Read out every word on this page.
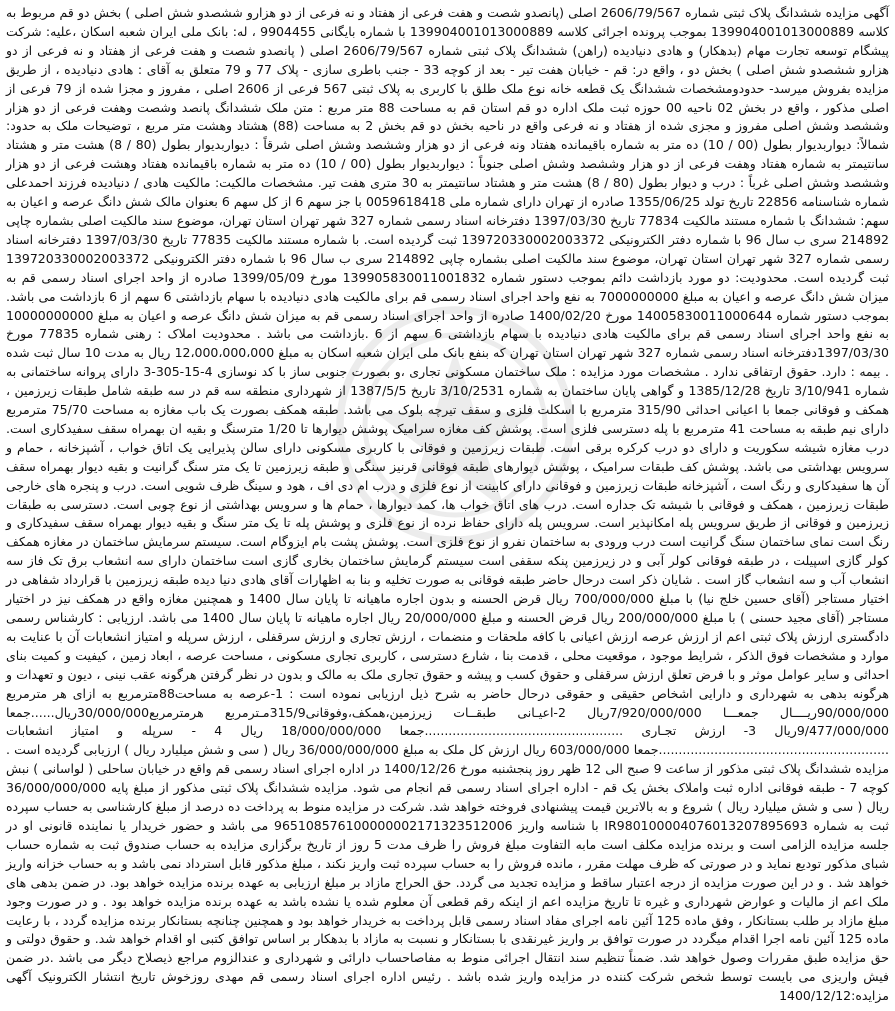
آگهی مزایده ششدانگ پلاک ثبتی شماره 2606/79/567 اصلی (پانصدو شصت و هفت فرعی از هفتاد و نه فرعی از دو هزارو ششصدو شش اصلی ) بخش دو قم مربوط به کلاسه 139904001013000889 بموجب پرونده اجرائی کلاسه 139904001013000889 با شماره بایگانی 9904455 ، له: بانک ملی ایران شعبه اسکان ،علیه: شرکت پیشگام توسعه تجارت مهام (بدهکار) و هادی دنیادیده (راهن) ششدانگ پلاک ثبتی شماره 2606/79/567 اصلی ( پانصدو شصت و هفت فرعی از هفتاد و نه فرعی از دو هزارو ششصدو شش اصلی ) بخش دو ، واقع در: قم - خیابان هفت تیر - بعد از کوچه 33 - جنب باطری سازی - پلاک 77 و 79 متعلق به آقای : هادی دنیادیده ، از طریق مزایده بفروش میرسد- حدودومشخصات ششدانگ یک قطعه خانه نوع ملک طلق با کاربری به پلاک ثبتی 567 فرعی از 2606 اصلی ، مفروز و مجزا شده از 79 فرعی از اصلی مذکور ، واقع در بخش 02 ناحیه 00 حوزه ثبت ملک اداره دو قم استان قم به مساحت 88 متر مربع : متن ملک ششدانگ پانصد وشصت وهفت فرعی از دو هزار وششصد وشش اصلی مفروز و مجزی شده از هفتاد و نه فرعی واقع در ناحیه بخش دو قم بخش 2 به مساحت (88) هشتاد وهشت متر مربع ، توضیحات ملک به حدود: شمالاً: دیواربدیوار بطول (00 / 10) ده متر به شماره باقیمانده هفتاد ونه فرعی از دو هزار وششصد وشش اصلی شرقاً : دیواربدیوار بطول (80 / 8) هشت متر و هشتاد سانتیمتر به شماره هفتاد وهفت فرعی از دو هزار وششصد وشش اصلی جنوباً : دیواربدیوار بطول (00 / 10) ده متر به شماره باقیمانده هفتاد وهشت فرعی از دو هزار وششصد وشش اصلی غرباً : درب و دیوار بطول (80 / 8) هشت متر و هشتاد سانتیمتر به 30 متری هفت تیر. مشخصات مالکیت: مالکیت هادی / دنیادیده فرزند احمدعلی شماره شناسنامه 22856 تاریخ تولد 1355/06/25 صادره از تهران دارای شماره ملی 0059618418 با جز سهم 6 از کل سهم 6 بعنوان مالک شش دانگ عرصه و اعیان به سهم: ششدانگ با شماره مستند مالکیت 77834 تاریخ 1397/03/30 دفترخانه اسناد رسمی شماره 327 شهر تهران استان تهران، موضوع سند مالکیت اصلی بشماره چاپی 214892 سری ب سال 96 با شماره دفتر الکترونیکی 139720330002003372 ثبت گردیده است. با شماره مستند مالکیت 77835 تاریخ 1397/03/30 دفترخانه اسناد رسمی شماره 327 شهر تهران استان تهران، موضوع سند مالکیت اصلی بشماره چاپی 214892 سری ب سال 96 با شماره دفتر الکترونیکی 139720330002003372 ثبت گردیده است. محدودیت: دو مورد بازداشت دائم بموجب دستور شماره 139905830011001832 مورخ 1399/05/09 صادره از واحد اجرای اسناد رسمی قم به میزان شش دانگ عرصه و اعیان به مبلغ 7000000000 به نفع واحد اجرای اسناد رسمی قم برای مالکیت هادی دنیادیده با سهام بازداشتی 6 سهم از 6 بازداشت می باشد. بموجب دستور شماره 14005830011000644 مورخ 1400/02/20 صادره از واحد اجرای اسناد رسمی قم به میزان شش دانگ عرصه و اعیان به مبلغ 10000000000 به نفع واحد اجرای اسناد رسمی قم برای مالکیت هادی دنیادیده با سهام بازداشتی 6 سهم از 6 .بازداشت می باشد . محدودیت املاک : رهنی شماره 77835 مورخ 1397/03/30دفترخانه اسناد رسمی شماره 327 شهر تهران استان تهران که بنفع بانک ملی ایران شعبه اسکان به مبلغ 12،000،000،000 ریال به مدت 10 سال ثبت شده . بیمه : دارد. حقوق ارتفاقی ندارد . مشخصات مورد مزایده : ملک ساختمان مسکونی تجاری ،و بصورت جنوبی ساز با کد نوسازی 4-15-305-3 دارای پروانه ساختمانی به شماره 3/10/941 تاریخ 1385/12/28 و گواهی پایان ساختمان به شماره 3/10/2531 تاریخ 1387/5/5 از شهرداری منطقه سه قم در سه طبقه شامل طبقات زیرزمین ، همکف و فوقانی جمعا با اعیانی احداثی 315/90 مترمربع با اسکلت فلزی و سقف تیرچه بلوک می باشد. طبقه همکف بصورت یک باب مغازه به مساحت 75/70 مترمربع دارای نیم طبقه به مساحت 41 مترمربع با پله دسترسی فلزی است. پوشش کف مغازه سرامیک پوشش دیوارها تا 1/20 مترسنگ و بقیه ان بهمراه سقف سفیدکاری است. درب مغازه شیشه سکوریت و دارای دو درب کرکره برقی است. طبقات زیرزمین و فوقانی با کاربری مسکونی دارای سالن پذیرایی یک اتاق خواب ، آشپزخانه ، حمام و سرویس بهداشتی می باشد. پوشش کف طبقات سرامیک ، پوشش دیوارهای طبقه فوقانی قرنیز سنگی و طبقه زیرزمین تا یک متر سنگ گرانیت و بقیه دیوار بهمراه سقف آن ها سفیدکاری و رنگ است ، آشپزخانه طبقات زیرزمین و فوقانی دارای کابینت از نوع فلزی و درب ام دی اف ، هود و سینگ ظرف شویی است. درب و پنجره های خارجی طبقات زیرزمین ، همکف و فوقانی با شیشه تک جداره است. درب های اتاق خواب ها، کمد دیوارها ، حمام ها و سرویس بهداشتی از نوع چوبی است. دسترسی به طبقات زیرزمین و فوقانی از طریق سرویس پله امکانپذیر است. سرویس پله دارای حفاظ نرده از نوع فلزی و پوشش پله تا یک متر سنگ و بقیه دیوار بهمراه سقف سفیدکاری و رنگ است نمای ساختمان سنگ گرانیت است درب ورودی به ساختمان نفرو از نوع فلزی است. پوشش پشت بام ایزوگام است. سیستم سرمایش ساختمان در مغازه همکف کولر گازی اسپیلت ، در طبقه فوقانی کولر آبی و در زیرزمین پنکه سقفی است سیستم گرمایش ساختمان بخاری گازی است ساختمان دارای سه انشعاب برق تک فاز سه انشعاب آب و سه انشعاب گاز است . شایان ذکر است درحال حاضر طبقه فوقانی به صورت تخلیه و بنا به اظهارات آقای هادی دنیا دیده طبقه زیرزمین با قرارداد شفاهی در اختیار مستاجر (آقای حسین خلج نیا) با مبلغ 700/000/000 ریال قرض الحسنه و بدون اجاره ماهیانه تا پایان سال 1400 و همچنین مغازه واقع در همکف نیز در اختیار مستاجر (آقای مجید حسنی ) با مبلغ 200/000/000 ریال قرض الحسنه و مبلغ 20/000/000 ریال اجاره ماهیانه تا پایان سال 1400 می باشد. ارزیابی : کارشناس رسمی دادگستری ارزش پلاک ثبتی اعم از ارزش عرصه ارزش اعیانی با کافه ملحقات و منضمات ، ارزش تجاری و ارزش سرقفلی ، ارزش سرپله و امتیاز انشعابات آن با عنایت به موارد و مشخصات فوق الذکر ، شرایط موجود ، موقعیت محلی ، قدمت بنا ، شارع دسترسی ، کاربری تجاری مسکونی ، مساحت عرصه ، ابعاد زمین ، کیفیت و کمیت بنای احداثی و سایر عوامل موثر و با فرض تعلق ارزش سرقفلی و حقوق کسب و پیشه و حقوق تجاری ملک به مالک و بدون در نظر گرفتن هرگونه عقب نینی ، دیون و تعهدات و هرگونه بدهی به شهرداری و دارایی اشخاص حقیقی و حقوقی درحال حاضر به شرح ذیل ارزیابی نموده است : 1-عرصه به مساحت88مترمربع به ازای هر مترمربع 90/000/000ریــــال جمعـــا 7/920/000/000ریال 2-اعیـانی طبقــات زیرزمین،همکف،وفوقانی315/9مـترمربع هرمترمربع30/000/000ریال......جمعا 9/477/000/000ریال 3- ارزش تجـاری ..................................................جمعا 18/000/000/000 ریال 4 - سرپله و امتیاز انشعابات ..........................................................جمعا 603/000/000 ریال ارزش کل ملک به مبلغ 36/000/000/000 ریال ( سی و شش میلیارد ریال ) ارزیابی گردیده است . مزایده ششدانگ پلاک ثبتی مذکور از ساعت 9 صبح الی 12 ظهر روز پنجشنبه مورخ 1400/12/26 در اداره اجرای اسناد رسمی قم واقع در خیابان ساحلی ( لواسانی ) نبش کوچه 7 - طبقه فوقانی اداره ثبت واملاک بخش یک قم - اداره اجرای اسناد رسمی قم انجام می شود. مزایده ششدانگ پلاک ثبتی مذکور از مبلغ پایه 36/000/000/000 ریال ( سی و شش میلیارد ریال ) شروع و به بالاترین قیمت پیشنهادی فروخته خواهد شد. شرکت در مزایده منوط به پرداخت ده درصد از مبلغ کارشناسی به حساب سپرده ثبت به شماره IR980100004076013207895693 با شناسه واریز 965108576100000002171323512006 می باشد و حضور خریدار یا نماینده قانونی او در جلسه مزایده الزامی است و برنده مزایده مکلف است مابه التفاوت مبلغ فروش را ظرف مدت 5 روز از تاریخ برگزاری مزایده به حساب صندوق ثبت به شماره حساب شبای مذکور تودیع نماید و در صورتی که ظرف مهلت مقرر ، مانده فروش را به حساب سپرده ثبت واریز نکند ، مبلغ مذکور قابل استرداد نمی باشد و به حساب خزانه واریز خواهد شد . و در این صورت مزایده از درجه اعتبار ساقط و مزایده تجدید می گردد. حق الحراج مازاد بر مبلغ ارزیابی به عهده برنده مزایده خواهد بود. در ضمن بدهی های ملک اعم از مالیات و عوارض شهرداری و غیره تا تاریخ مزایده اعم از اینکه رقم قطعی آن معلوم شده یا نشده باشد به عهده برنده مزایده خواهد بود . و در صورت وجود مبلغ مازاد بر طلب بستانکار ، وفق ماده 125 آئین نامه اجرای مفاد اسناد رسمی قابل پرداخت به خریدار خواهد بود و همچنین چنانچه بستانکار برنده مزایده گردد ، با رعایت ماده 125 آئین نامه اجرا اقدام میگردد در صورت توافق بر واریز غیرنقدی با بستانکار و نسبت به مازاد با بدهکار بر اساس توافق کتبی او اقدام خواهد شد. و حقوق دولتی و حق مزایده طبق مقررات وصول خواهد شد. ضمناً تنظیم سند انتقال اجرائی منوط به مفاصاحساب دارائی و شهرداری و عندالزوم مراجع ذیصلاح دیگر می باشد .در ضمن فیش واریزی می بایست توسط شخص شرکت کننده در مزایده واریز شده باشد . رئیس اداره اجرای اسناد رسمی قم مهدی روزخوش تاریخ انتشار الکترونیک آگهی مزایده:1400/12/12
